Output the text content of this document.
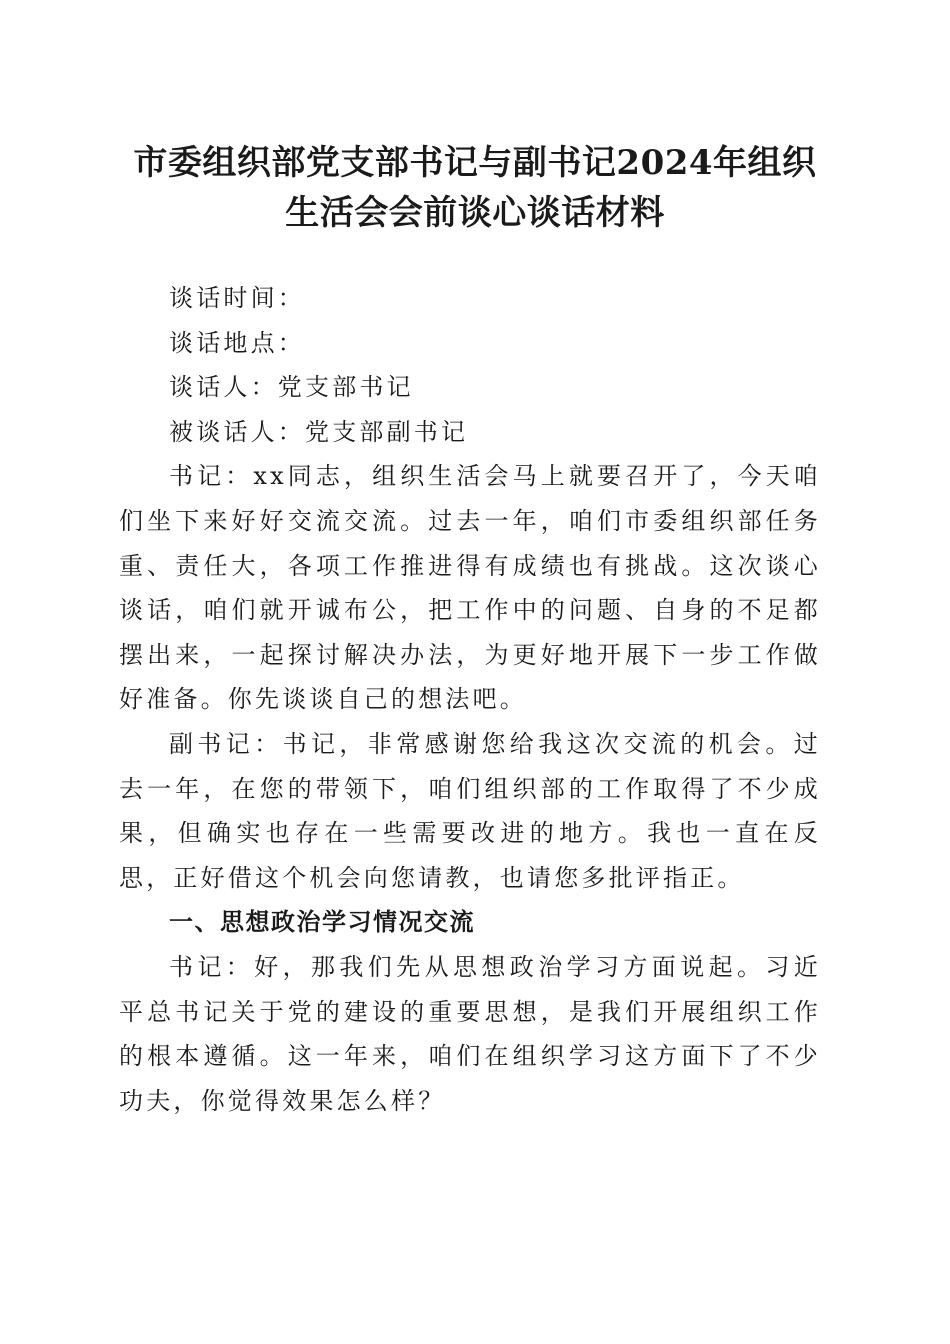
市委组织部党支部书记与副书记2024年组织
生活会会前谈心谈话材料

谈话时间：

谈话地点：

谈话人：党支部书记

被谈话人：党支部副书记

书记：xx同志，组织生活会马上就要召开了，今天咱们坐下来好好交流交流。过去一年，咱们市委组织部任务重、责任大，各项工作推进得有成绩也有挑战。这次谈心谈话，咱们就开诚布公，把工作中的问题、自身的不足都摆出来，一起探讨解决办法，为更好地开展下一步工作做好准备。你先谈谈自己的想法吧。

副书记：书记，非常感谢您给我这次交流的机会。过去一年，在您的带领下，咱们组织部的工作取得了不少成果，但确实也存在一些需要改进的地方。我也一直在反思，正好借这个机会向您请教，也请您多批评指正。

一、思想政治学习情况交流

书记：好，那我们先从思想政治学习方面说起。习近平总书记关于党的建设的重要思想，是我们开展组织工作的根本遵循。这一年来，咱们在组织学习这方面下了不少功夫，你觉得效果怎么样？
